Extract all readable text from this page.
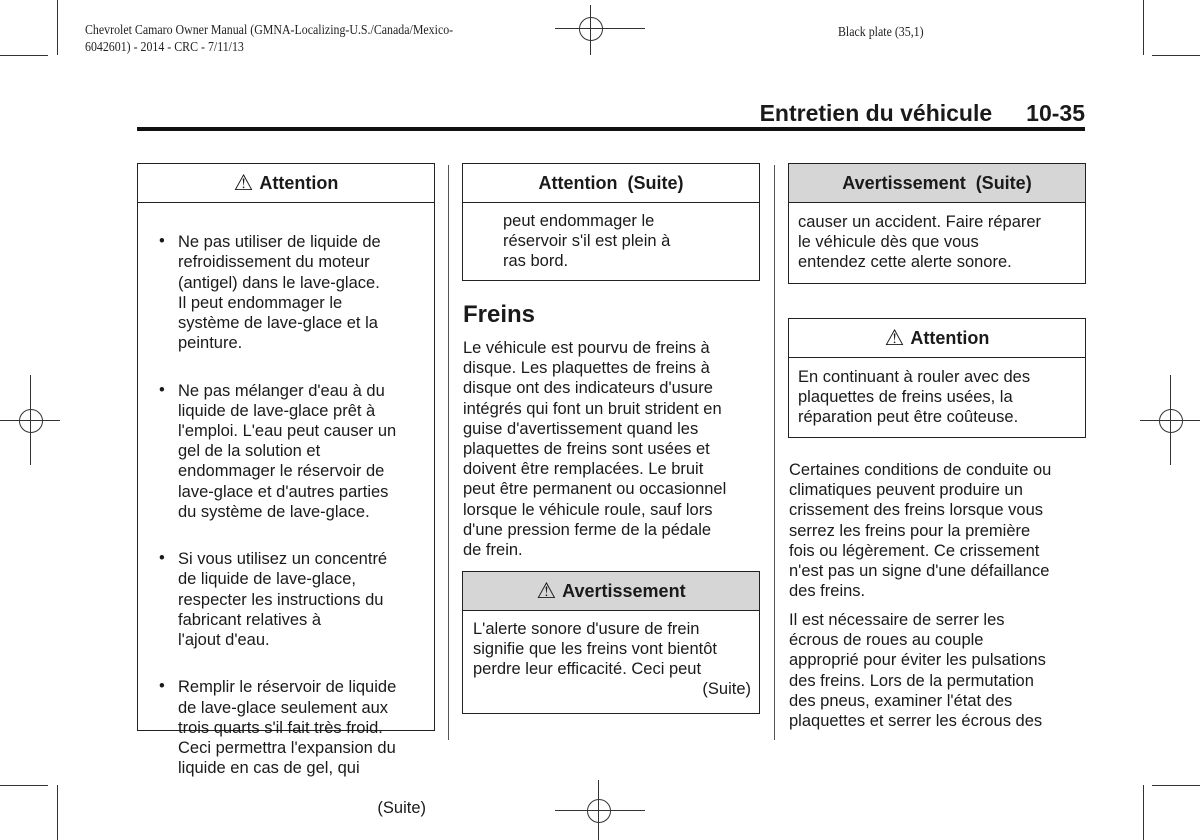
Chevrolet Camaro Owner Manual (GMNA-Localizing-U.S./Canada/Mexico-
6042601) - 2014 - CRC - 7/11/13
Black plate (35,1)
Entretien du véhicule 10-35
⚠ Attention

• Ne pas utiliser de liquide de
refroidissement du moteur
(antigel) dans le lave-glace.
Il peut endommager le
système de lave-glace et la
peinture.

• Ne pas mélanger d'eau à du
liquide de lave-glace prêt à
l'emploi. L'eau peut causer un
gel de la solution et
endommager le réservoir de
lave-glace et d'autres parties
du système de lave-glace.

• Si vous utilisez un concentré
de liquide de lave-glace,
respecter les instructions du
fabricant relatives à
l'ajout d'eau.

• Remplir le réservoir de liquide
de lave-glace seulement aux
trois quarts s'il fait très froid.
Ceci permettra l'expansion du
liquide en cas de gel, qui

(Suite)
Attention  (Suite)
peut endommager le
réservoir s'il est plein à
ras bord.
Freins
Le véhicule est pourvu de freins à
disque. Les plaquettes de freins à
disque ont des indicateurs d'usure
intégrés qui font un bruit strident en
guise d'avertissement quand les
plaquettes de freins sont usées et
doivent être remplacées. Le bruit
peut être permanent ou occasionnel
lorsque le véhicule roule, sauf lors
d'une pression ferme de la pédale
de frein.
⚠ Avertissement
L'alerte sonore d'usure de frein
signifie que les freins vont bientôt
perdre leur efficacité. Ceci peut
(Suite)
Avertissement  (Suite)
causer un accident. Faire réparer
le véhicule dès que vous
entendez cette alerte sonore.
⚠ Attention
En continuant à rouler avec des
plaquettes de freins usées, la
réparation peut être coûteuse.
Certaines conditions de conduite ou
climatiques peuvent produire un
crissement des freins lorsque vous
serrez les freins pour la première
fois ou légèrement. Ce crissement
n'est pas un signe d'une défaillance
des freins.
Il est nécessaire de serrer les
écrous de roues au couple
approprié pour éviter les pulsations
des freins. Lors de la permutation
des pneus, examiner l'état des
plaquettes et serrer les écrous des
